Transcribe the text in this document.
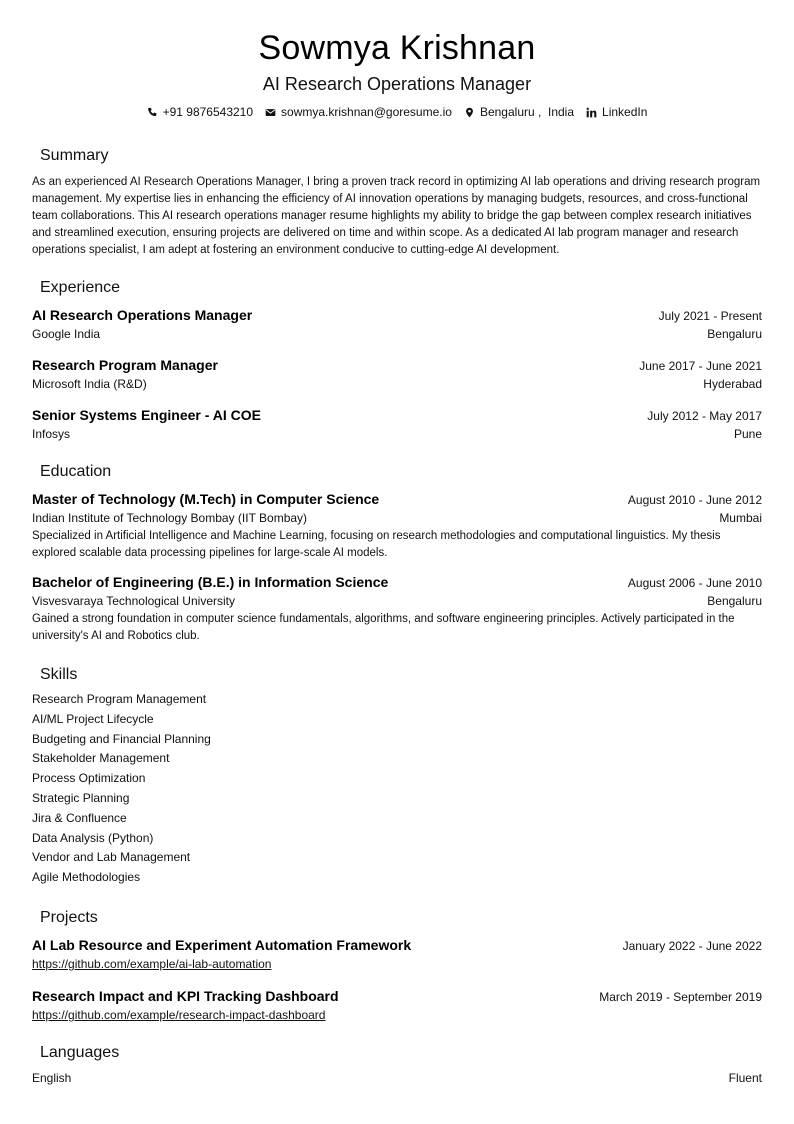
Sowmya Krishnan
AI Research Operations Manager
+91 9876543210 sowmya.krishnan@goresume.io Bengaluru ,  India LinkedIn
Summary
As an experienced AI Research Operations Manager, I bring a proven track record in optimizing AI lab operations and driving research program management. My expertise lies in enhancing the efficiency of AI innovation operations by managing budgets, resources, and cross-functional team collaborations. This AI research operations manager resume highlights my ability to bridge the gap between complex research initiatives and streamlined execution, ensuring projects are delivered on time and within scope. As a dedicated AI lab program manager and research operations specialist, I am adept at fostering an environment conducive to cutting-edge AI development.
Experience
AI Research Operations Manager	July 2021 - Present
Google India	Bengaluru
Research Program Manager	June 2017 - June 2021
Microsoft India (R&D)	Hyderabad
Senior Systems Engineer - AI COE	July 2012 - May 2017
Infosys	Pune
Education
Master of Technology (M.Tech) in Computer Science	August 2010 - June 2012
Indian Institute of Technology Bombay (IIT Bombay)	Mumbai
Specialized in Artificial Intelligence and Machine Learning, focusing on research methodologies and computational linguistics. My thesis explored scalable data processing pipelines for large-scale AI models.
Bachelor of Engineering (B.E.) in Information Science	August 2006 - June 2010
Visvesvaraya Technological University	Bengaluru
Gained a strong foundation in computer science fundamentals, algorithms, and software engineering principles. Actively participated in the university's AI and Robotics club.
Skills
Research Program Management
AI/ML Project Lifecycle
Budgeting and Financial Planning
Stakeholder Management
Process Optimization
Strategic Planning
Jira & Confluence
Data Analysis (Python)
Vendor and Lab Management
Agile Methodologies
Projects
AI Lab Resource and Experiment Automation Framework	January 2022 - June 2022
https://github.com/example/ai-lab-automation
Research Impact and KPI Tracking Dashboard	March 2019 - September 2019
https://github.com/example/research-impact-dashboard
Languages
English	Fluent
